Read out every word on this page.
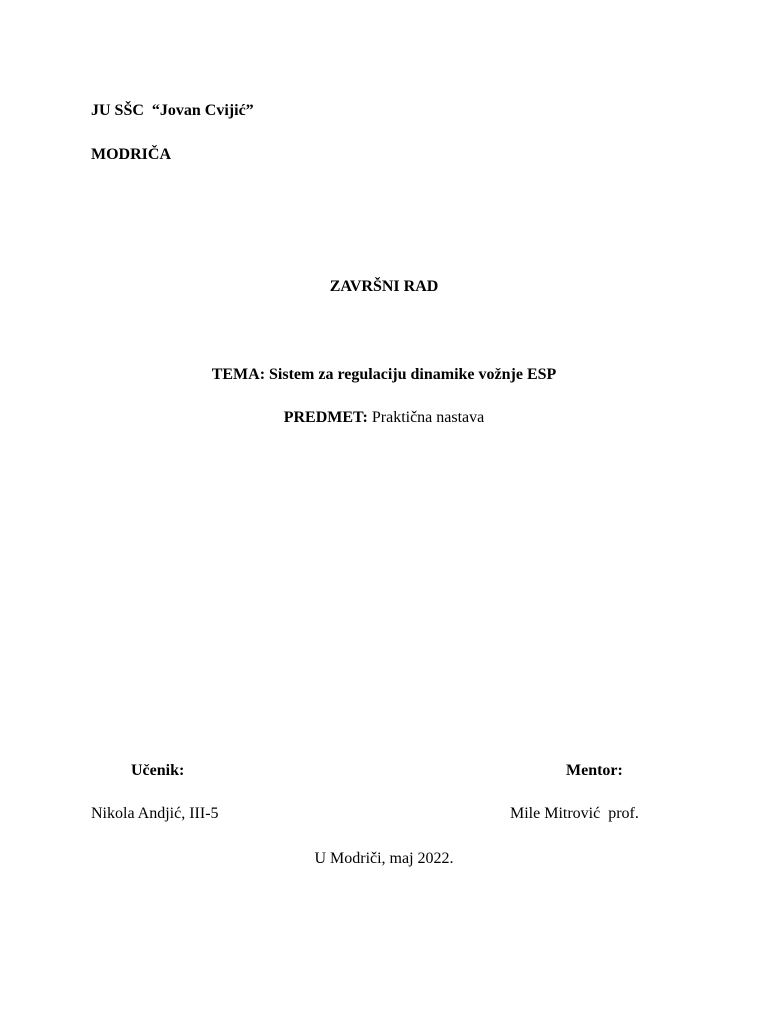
JU SŠC  “Jovan Cvijić”
MODRIČA
ZAVRŠNI RAD
TEMA: Sistem za regulaciju dinamike vožnje ESP
PREDMET: Praktična nastava
Učenik:	Mentor:
Nikola Andjić, III-5	Mile Mitrović  prof.
U Modriči, maj 2022.
